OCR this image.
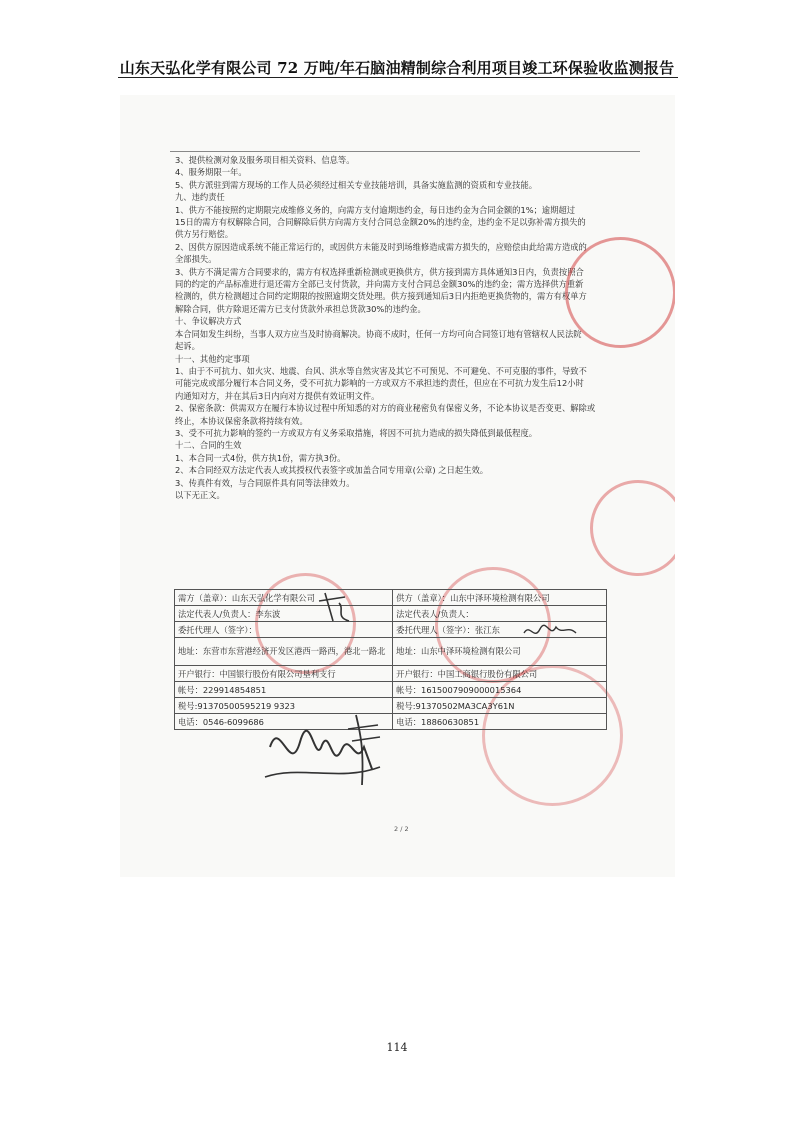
山东天弘化学有限公司 72 万吨/年石脑油精制综合利用项目竣工环保验收监测报告

3、提供检测对象及服务项目相关资料、信息等。

4、服务期限一年。

5、供方派驻到需方现场的工作人员必须经过相关专业技能培训，具备实施监测的资质和专业技能。

九、违约责任

1、供方不能按照约定期限完成维修义务的，向需方支付逾期违约金，每日违约金为合同金额的1%；逾期超过

15日的需方有权解除合同，合同解除后供方向需方支付合同总金额20%的违约金，违约金不足以弥补需方损失的

供方另行赔偿。

2、因供方原因造成系统不能正常运行的，或因供方未能及时到场维修造成需方损失的，应赔偿由此给需方造成的

全部损失。

3、供方不满足需方合同要求的，需方有权选择重新检测或更换供方，供方接到需方具体通知3日内，负责按照合

同的约定的产品标准进行退还需方全部已支付货款，并向需方支付合同总金额30%的违约金；需方选择供方重新

检测的，供方检测超过合同约定期限的按照逾期交货处理。供方接到通知后3日内拒绝更换货物的，需方有权单方

解除合同，供方除退还需方已支付货款外承担总货款30%的违约金。

十、争议解决方式

本合同如发生纠纷，当事人双方应当及时协商解决。协商不成时，任何一方均可向合同签订地有管辖权人民法院

起诉。

十一、其他约定事项

1、由于不可抗力、如火灾、地震、台风、洪水等自然灾害及其它不可预见、不可避免、不可克服的事件，导致不

可能完成或部分履行本合同义务，受不可抗力影响的一方或双方不承担违约责任，但应在不可抗力发生后12小时

内通知对方，并在其后3日内向对方提供有效证明文件。

2、保密条款：供需双方在履行本协议过程中所知悉的对方的商业秘密负有保密义务，不论本协议是否变更、解除或

终止，本协议保密条款将持续有效。

3、受不可抗力影响的签约一方或双方有义务采取措施，将因不可抗力造成的损失降低到最低程度。

十二、合同的生效

1、本合同一式4份，供方执1份，需方执3份。

2、本合同经双方法定代表人或其授权代表签字或加盖合同专用章(公章) 之日起生效。

3、传真件有效，与合同原件具有同等法律效力。

以下无正文。

需方（盖章）：山东天弘化学有限公司	供方（盖章）：山东中泽环境检测有限公司
法定代表人/负责人：李东波	法定代表人/负责人：
委托代理人（签字）：	委托代理人（签字）：张江东
地址：东营市东营港经济开发区港西一路西，港北一路北	地址：山东中泽环境检测有限公司
开户银行：中国银行股份有限公司垦利支行	开户银行：中国工商银行股份有限公司
帐号：229914854851	帐号：1615007909000015364
税号:91370500595219 9323	税号:91370502MA3CA3Y61N
电话：0546-6099686	电话：18860630851
2 / 2
114
